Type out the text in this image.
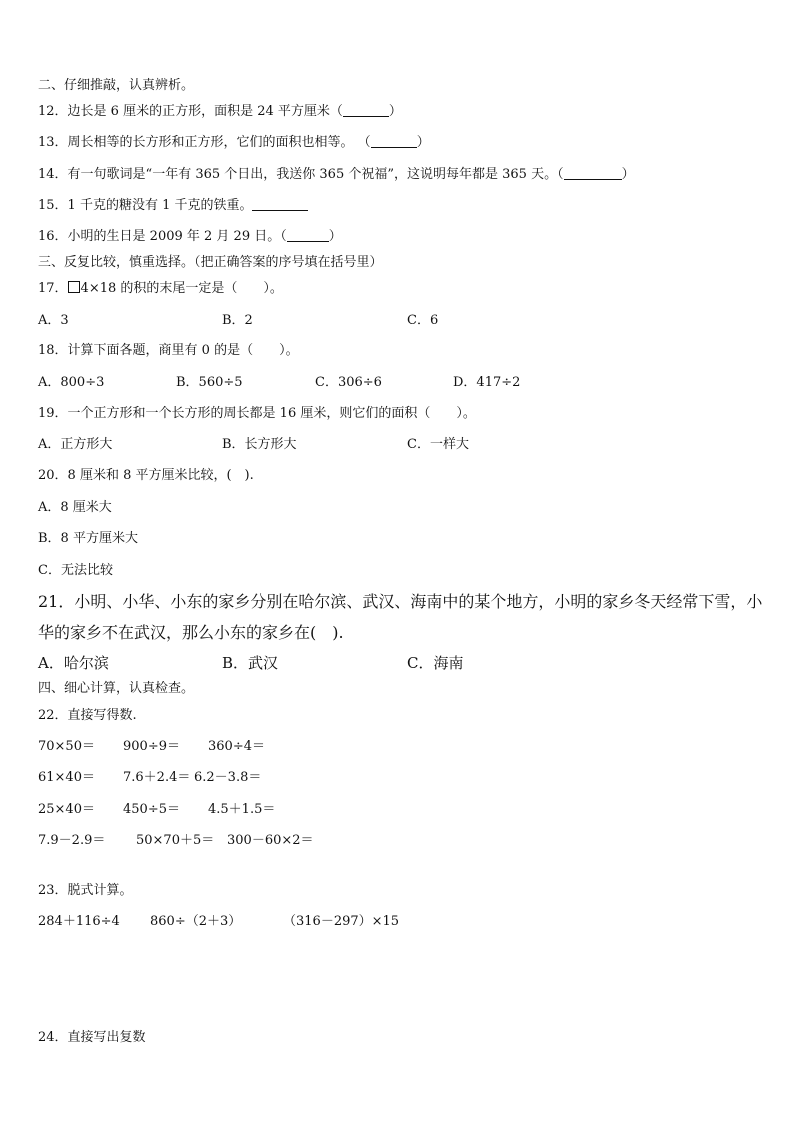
二、仔细推敲，认真辨析。
12．边长是 6 厘米的正方形，面积是 24 平方厘米（	）
13．周长相等的长方形和正方形，它们的面积也相等。 （	）
14．有一句歌词是“一年有 365 个日出，我送你 365 个祝福”，这说明每年都是 365 天。（	）
15．1 千克的糖没有 1 千克的铁重。
16．小明的生日是 2009 年 2 月 29 日。（	）
三、反复比较，慎重选择。（把正确答案的序号填在括号里）
17． 4×18 的积的末尾一定是（　　）。
A．3	B．2	C．6
18．计算下面各题，商里有 0 的是（　　）。
A．800÷3	B．560÷5	C．306÷6	D．417÷2
19．一个正方形和一个长方形的周长都是 16 厘米，则它们的面积（　　）。
A．正方形大	B．长方形大	C．一样大
20．8 厘米和 8 平方厘米比较，(　).
A．8 厘米大
B．8 平方厘米大
C．无法比较
21．小明、小华、小东的家乡分别在哈尔滨、武汉、海南中的某个地方，小明的家乡冬天经常下雪，小
华的家乡不在武汉，那么小东的家乡在(　).
A．哈尔滨	B．武汉	C．海南
四、细心计算，认真检查。
22．直接写得数.
70×50＝ 900÷9＝ 360÷4＝
61×40＝ 7.6＋2.4＝ 6.2－3.8＝
25×40＝ 450÷5＝ 4.5＋1.5＝
7.9－2.9＝ 50×70＋5＝ 300－60×2＝
23．脱式计算。
284＋116÷4 860÷（2＋3）	（316－297）×15
24．直接写出复数
